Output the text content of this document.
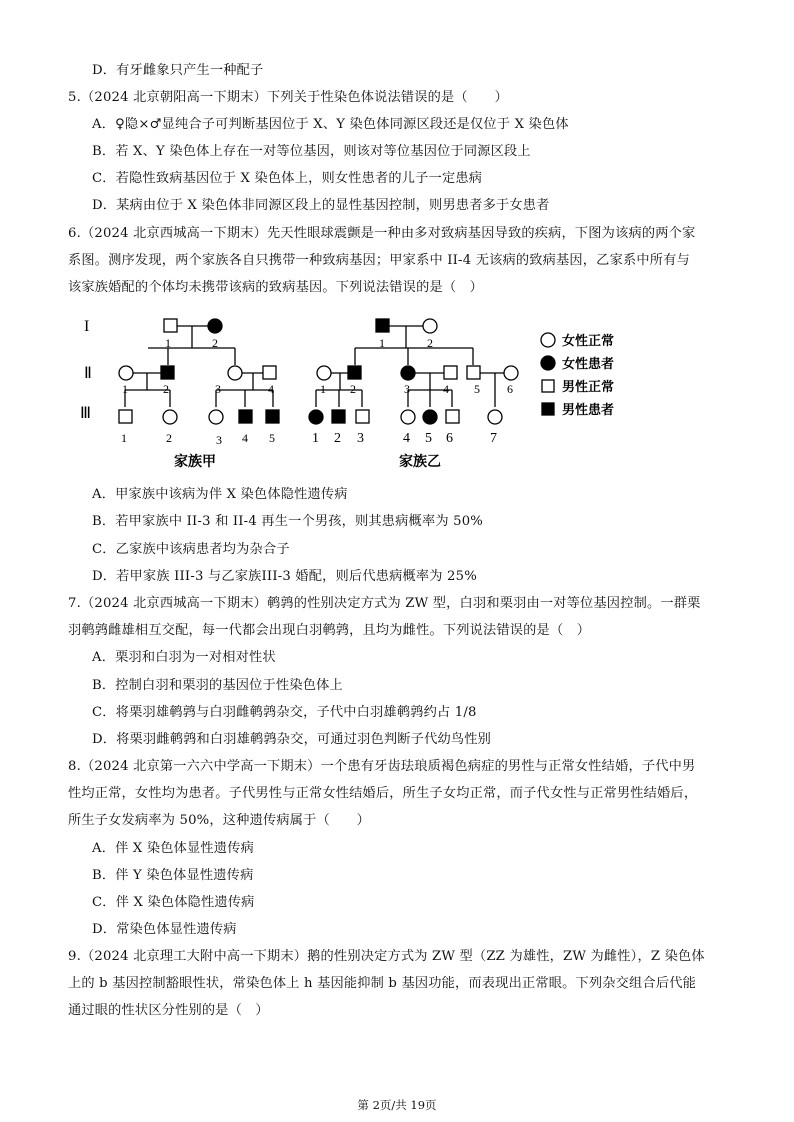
D．有牙雌象只产生一种配子
5.（2024 北京朝阳高一下期末）下列关于性染色体说法错误的是（　　）
A．♀隐×♂显纯合子可判断基因位于 X、Y 染色体同源区段还是仅位于 X 染色体
B．若 X、Y 染色体上存在一对等位基因，则该对等位基因位于同源区段上
C．若隐性致病基因位于 X 染色体上，则女性患者的儿子一定患病
D．某病由位于 X 染色体非同源区段上的显性基因控制，则男患者多于女患者
6.（2024 北京西城高一下期末）先天性眼球震颤是一种由多对致病基因导致的疾病，下图为该病的两个家
系图。测序发现，两个家族各自只携带一种致病基因；甲家系中 II-4 无该病的致病基因，乙家系中所有与
该家族婚配的个体均未携带该病的致病基因。下列说法错误的是（　）
I
Ⅱ
Ⅲ
1	2
1	2	3	4
1	2	3 4 5
家族甲
1	2
1 2	3	4 5 6
1 2 3	4 5 6	7
家族乙
女性正常
女性患者
男性正常
男性患者
A．甲家族中该病为伴 X 染色体隐性遗传病
B．若甲家族中 II-3 和 II-4 再生一个男孩，则其患病概率为 50%
C．乙家族中该病患者均为杂合子
D．若甲家族 III-3 与乙家族III-3 婚配，则后代患病概率为 25%
7.（2024 北京西城高一下期末）鹌鹑的性别决定方式为 ZW 型，白羽和栗羽由一对等位基因控制。一群栗
羽鹌鹑雌雄相互交配，每一代都会出现白羽鹌鹑，且均为雌性。下列说法错误的是（　）
A．栗羽和白羽为一对相对性状
B．控制白羽和栗羽的基因位于性染色体上
C．将栗羽雄鹌鹑与白羽雌鹌鹑杂交，子代中白羽雄鹌鹑约占 1/8
D．将栗羽雌鹌鹑和白羽雄鹌鹑杂交，可通过羽色判断子代幼鸟性别
8.（2024 北京第一六六中学高一下期末）一个患有牙齿珐琅质褐色病症的男性与正常女性结婚，子代中男
性均正常，女性均为患者。子代男性与正常女性结婚后，所生子女均正常，而子代女性与正常男性结婚后，
所生子女发病率为 50%，这种遗传病属于（　　）
A．伴 X 染色体显性遗传病
B．伴 Y 染色体显性遗传病
C．伴 X 染色体隐性遗传病
D．常染色体显性遗传病
9.（2024 北京理工大附中高一下期末）鹅的性别决定方式为 ZW 型（ZZ 为雄性，ZW 为雌性），Z 染色体
上的 b 基因控制豁眼性状，常染色体上 h 基因能抑制 b 基因功能，而表现出正常眼。下列杂交组合后代能
通过眼的性状区分性别的是（　）
第 2页/共 19页
